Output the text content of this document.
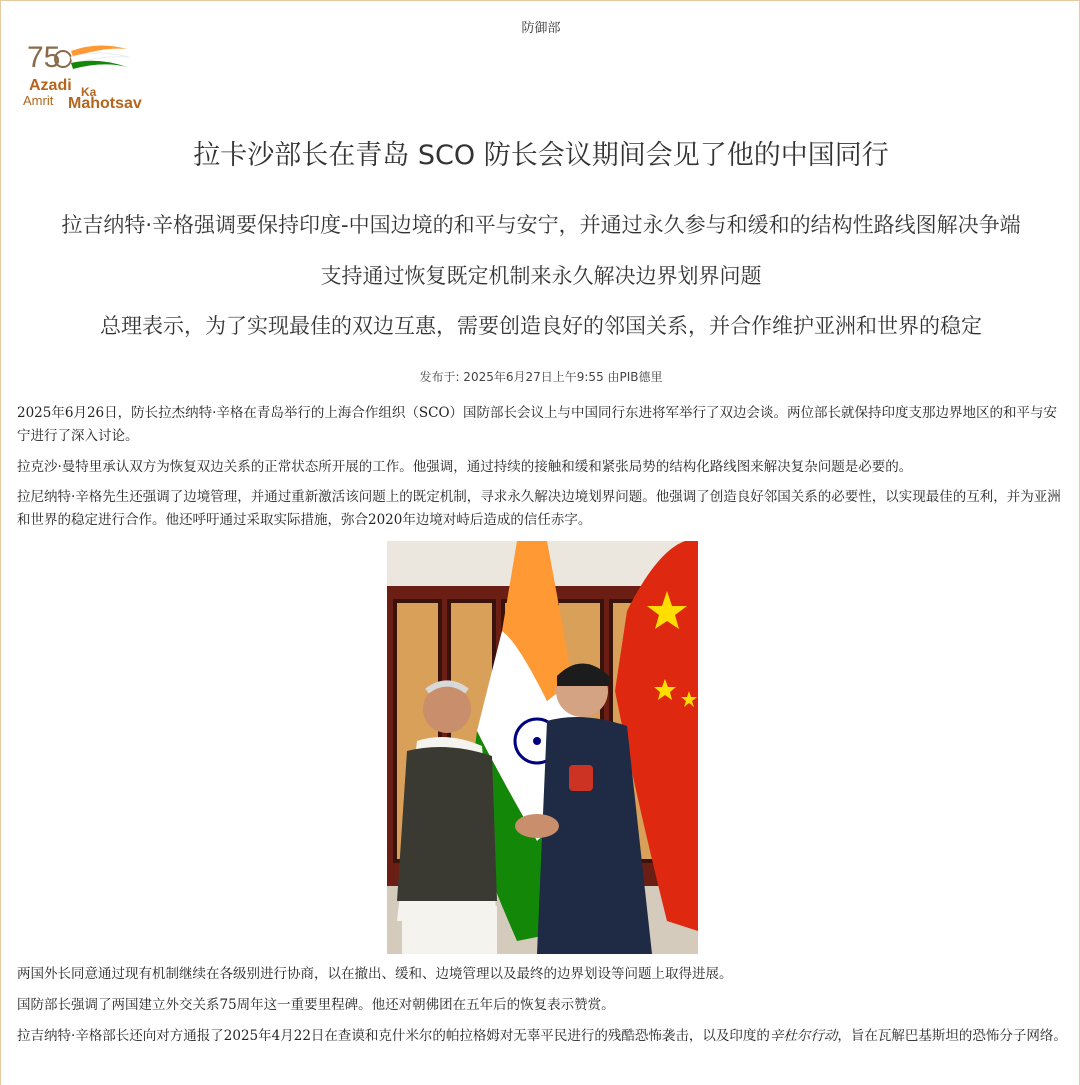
防御部
75
Azadi Ka
Amrit Mahotsav
拉卡沙部长在青岛 SCO 防长会议期间会见了他的中国同行
拉吉纳特·辛格强调要保持印度-中国边境的和平与安宁，并通过永久参与和缓和的结构性路线图解决争端
支持通过恢复既定机制来永久解决边界划界问题
总理表示，为了实现最佳的双边互惠，需要创造良好的邻国关系，并合作维护亚洲和世界的稳定
发布于: 2025年6月27日上午9:55 由PIB德里

2025年6月26日，防长拉杰纳特·辛格在青岛举行的上海合作组织（SCO）国防部长会议上与中国同行东进将军举行了双边会谈。两位部长就保持印度支那边界地区的和平与安宁进行了深入讨论。

拉克沙·曼特里承认双方为恢复双边关系的正常状态所开展的工作。他强调，通过持续的接触和缓和紧张局势的结构化路线图来解决复杂问题是必要的。

拉尼纳特·辛格先生还强调了边境管理，并通过重新激活该问题上的既定机制，寻求永久解决边境划界问题。他强调了创造良好邻国关系的必要性，以实现最佳的互利，并为亚洲和世界的稳定进行合作。他还呼吁通过采取实际措施，弥合2020年边境对峙后造成的信任赤字。

两国外长同意通过现有机制继续在各级别进行协商，以在撤出、缓和、边境管理以及最终的边界划设等问题上取得进展。

国防部长强调了两国建立外交关系75周年这一重要里程碑。他还对朝佛团在五年后的恢复表示赞赏。

拉吉纳特·辛格部长还向对方通报了2025年4月22日在查谟和克什米尔的帕拉格姆对无辜平民进行的残酷恐怖袭击，以及印度的辛杜尔行动，旨在瓦解巴基斯坦的恐怖分子网络。
